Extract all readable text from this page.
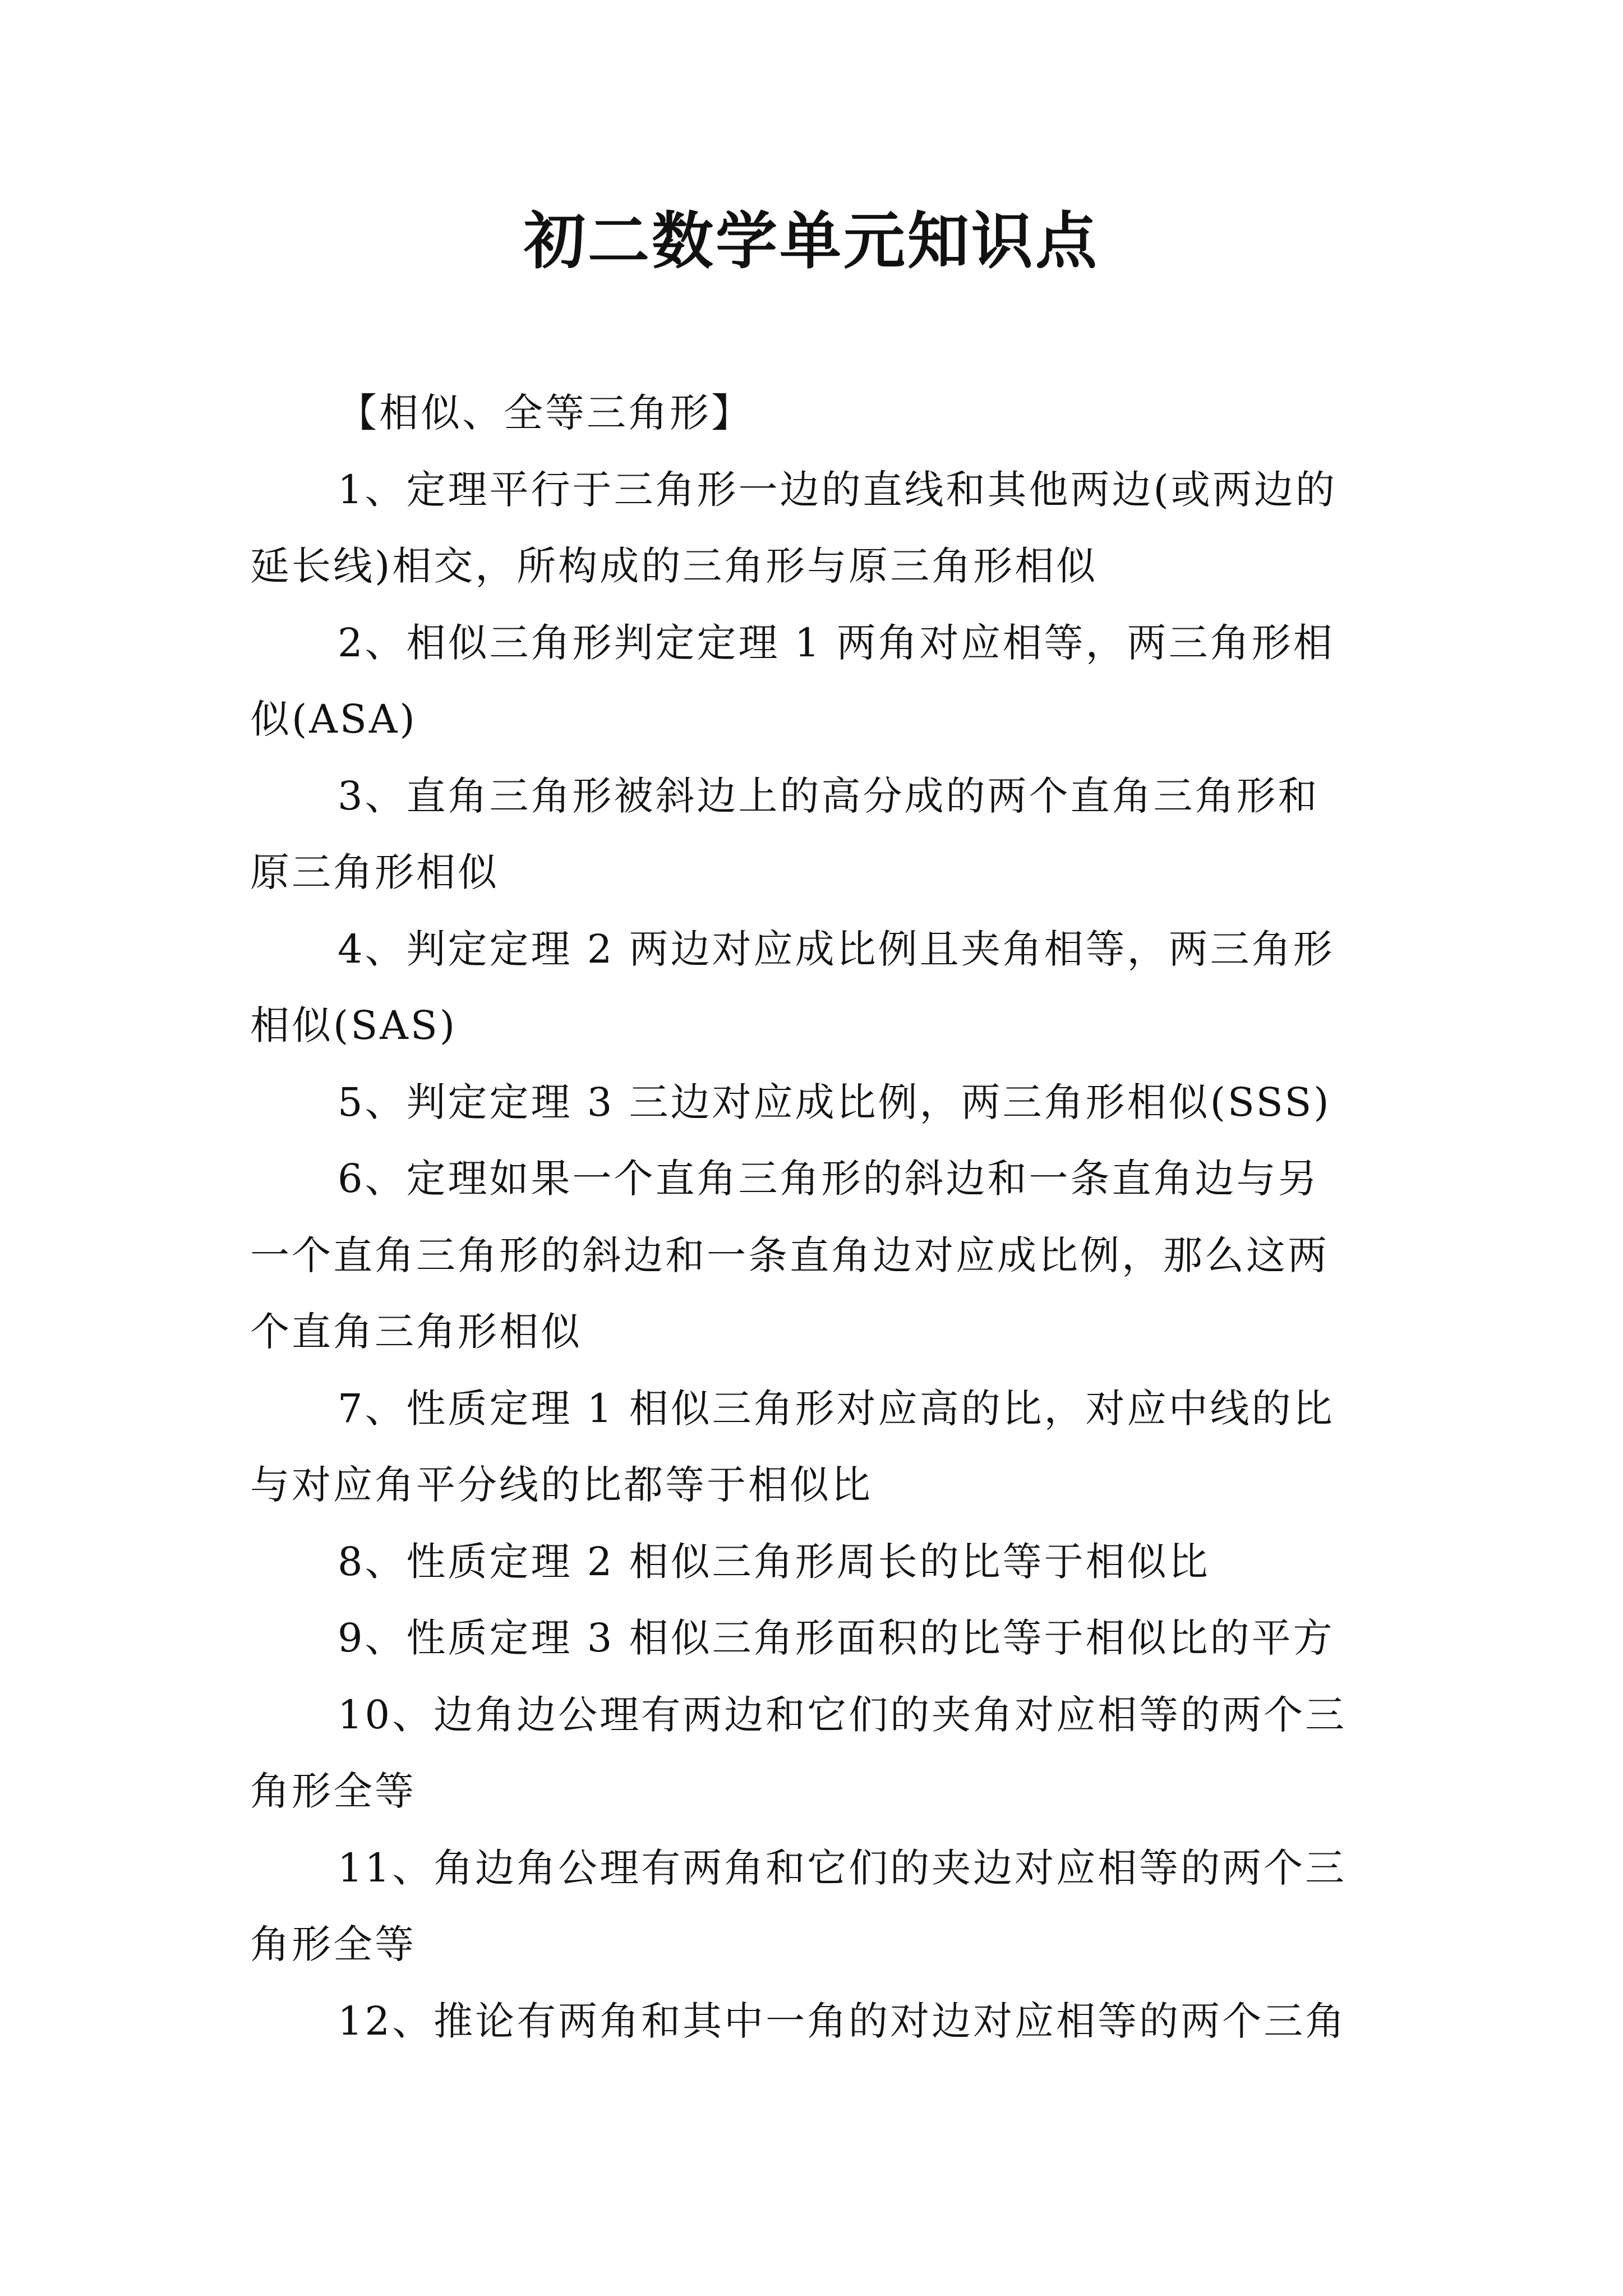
初二数学单元知识点
【相似、全等三角形】
1、定理平行于三角形一边的直线和其他两边(或两边的
延长线)相交，所构成的三角形与原三角形相似
2、相似三角形判定定理 1 两角对应相等，两三角形相
似(ASA)
3、直角三角形被斜边上的高分成的两个直角三角形和
原三角形相似
4、判定定理 2 两边对应成比例且夹角相等，两三角形
相似(SAS)
5、判定定理 3 三边对应成比例，两三角形相似(SSS)
6、定理如果一个直角三角形的斜边和一条直角边与另
一个直角三角形的斜边和一条直角边对应成比例，那么这两
个直角三角形相似
7、性质定理 1 相似三角形对应高的比，对应中线的比
与对应角平分线的比都等于相似比
8、性质定理 2 相似三角形周长的比等于相似比
9、性质定理 3 相似三角形面积的比等于相似比的平方
10、边角边公理有两边和它们的夹角对应相等的两个三
角形全等
11、角边角公理有两角和它们的夹边对应相等的两个三
角形全等
12、推论有两角和其中一角的对边对应相等的两个三角
